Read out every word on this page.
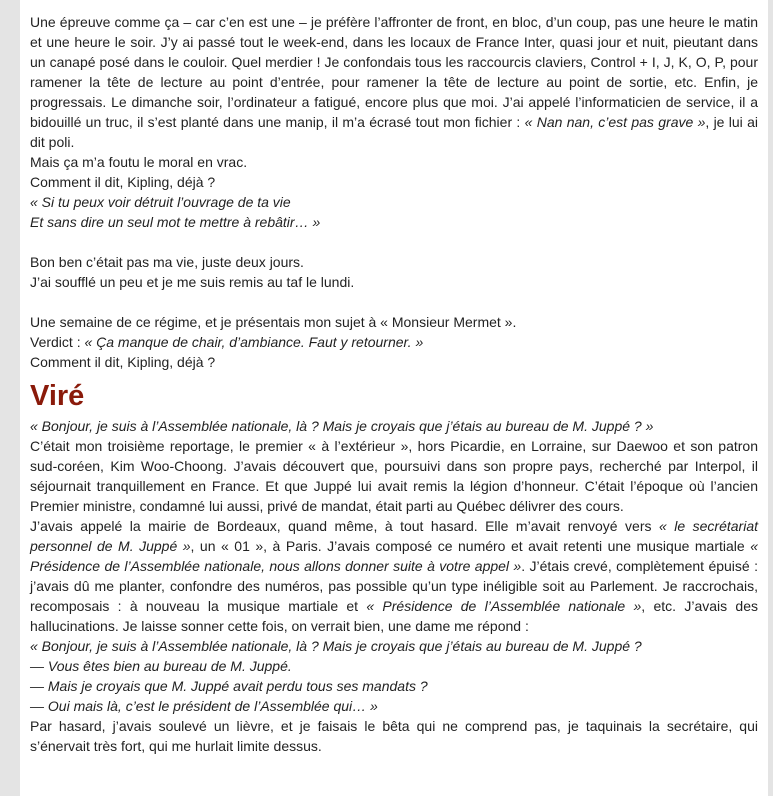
Une épreuve comme ça – car c’en est une – je préfère l’affronter de front, en bloc, d’un coup, pas une heure le matin et une heure le soir. J’y ai passé tout le week-end, dans les locaux de France Inter, quasi jour et nuit, pieutant dans un canapé posé dans le couloir. Quel merdier ! Je confondais tous les raccourcis claviers, Control + I, J, K, O, P, pour ramener la tête de lecture au point d’entrée, pour ramener la tête de lecture au point de sortie, etc. Enfin, je progressais. Le dimanche soir, l’ordinateur a fatigué, encore plus que moi. J’ai appelé l’informaticien de service, il a bidouillé un truc, il s’est planté dans une manip, il m’a écrasé tout mon fichier : « Nan nan, c’est pas grave », je lui ai dit poli.

Mais ça m’a foutu le moral en vrac.

Comment il dit, Kipling, déjà ?

« Si tu peux voir détruit l’ouvrage de ta vie

Et sans dire un seul mot te mettre à rebâtir… »

Bon ben c’était pas ma vie, juste deux jours.

J’ai soufflé un peu et je me suis remis au taf le lundi.

Une semaine de ce régime, et je présentais mon sujet à « Monsieur Mermet ».

Verdict : « Ça manque de chair, d’ambiance. Faut y retourner. »

Comment il dit, Kipling, déjà ?

Viré

« Bonjour, je suis à l’Assemblée nationale, là ? Mais je croyais que j’étais au bureau de M. Juppé ? »

C’était mon troisième reportage, le premier « à l’extérieur », hors Picardie, en Lorraine, sur Daewoo et son patron sud-coréen, Kim Woo-Choong. J’avais découvert que, poursuivi dans son propre pays, recherché par Interpol, il séjournait tranquillement en France. Et que Juppé lui avait remis la légion d’honneur. C’était l’époque où l’ancien Premier ministre, condamné lui aussi, privé de mandat, était parti au Québec délivrer des cours.

J’avais appelé la mairie de Bordeaux, quand même, à tout hasard. Elle m’avait renvoyé vers « le secrétariat personnel de M. Juppé », un « 01 », à Paris. J’avais composé ce numéro et avait retenti une musique martiale « Présidence de l’Assemblée nationale, nous allons donner suite à votre appel ». J’étais crevé, complètement épuisé : j’avais dû me planter, confondre des numéros, pas possible qu’un type inéligible soit au Parlement. Je raccrochais, recomposais : à nouveau la musique martiale et « Présidence de l’Assemblée nationale », etc. J’avais des hallucinations. Je laisse sonner cette fois, on verrait bien, une dame me répond :

« Bonjour, je suis à l’Assemblée nationale, là ? Mais je croyais que j’étais au bureau de M. Juppé ?

— Vous êtes bien au bureau de M. Juppé.

— Mais je croyais que M. Juppé avait perdu tous ses mandats ?

— Oui mais là, c’est le président de l’Assemblée qui… »

Par hasard, j’avais soulevé un lièvre, et je faisais le bêta qui ne comprend pas, je taquinais la secrétaire, qui s’énervait très fort, qui me hurlait limite dessus.
